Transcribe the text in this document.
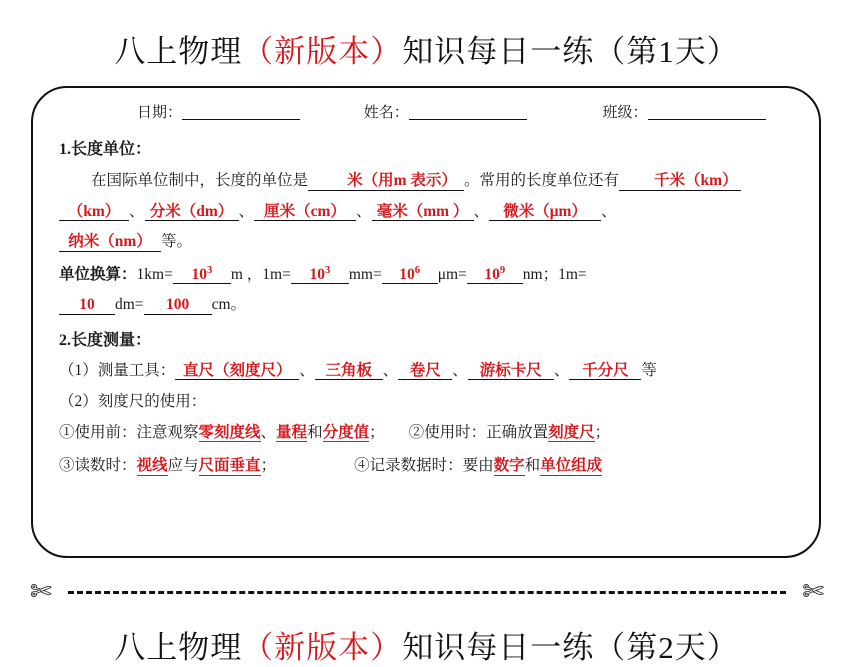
八上物理（新版本）知识每日一练（第1天）
日期：	姓名：	班级：
1.长度单位：
在国际单位制中，长度的单位是	米（用m 表示） 。常用的长度单位还有 千米（km）
（km） 、 分米（dm） 、 厘米（cm） 、 毫米（mm ） 、 微米（μm） 、
纳米（nm） 等。
单位换算：$1km= 10^3$ m ，$1m= 10^3$ $mm= 10^6$ $\mu m= 10^9$ nm；1m=
10 dm= 100 cm。
2.长度测量：
（1）测量工具： 直尺（刻度尺） 、 三角板 、 卷尺 、 游标卡尺 、 千分尺 等
（2）刻度尺的使用：
①使用前：注意观察零刻度线、量程和分度值； ②使用时：正确放置刻度尺；
③读数时：视线应与尺面垂直；	④记录数据时：要由数字和单位组成
✄	✄
八上物理（新版本）知识每日一练（第2天）
